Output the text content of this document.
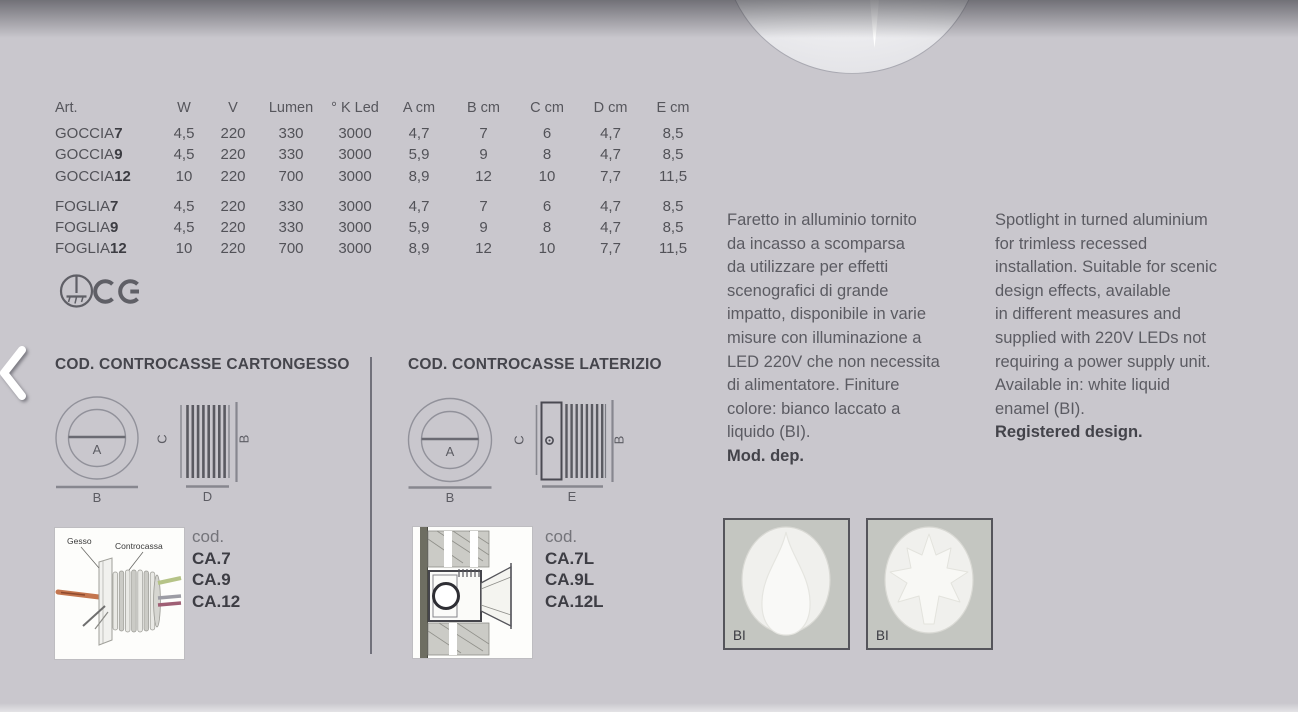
Art.	W	V	Lumen	° K Led	A cm	B cm	C cm	D cm	E cm
GOCCIA7	4,5	220	330	3000	4,7	7	6	4,7	8,5
GOCCIA9	4,5	220	330	3000	5,9	9	8	4,7	8,5
GOCCIA12	10	220	700	3000	8,9	12	10	7,7	11,5
FOGLIA7	4,5	220	330	3000	4,7	7	6	4,7	8,5
FOGLIA9	4,5	220	330	3000	5,9	9	8	4,7	8,5
FOGLIA12	10	220	700	3000	8,9	12	10	7,7	11,5
COD. CONTROCASSE CARTONGESSO	COD. CONTROCASSE LATERIZIO
A
B
C	B
D
A
B
C	B
E
Gesso	Controcassa cod.
CA.7
CA.9
CA.12
cod.
CA.7L
CA.9L
CA.12L
Faretto in alluminio tornito
da incasso a scomparsa
da utilizzare per effetti
scenografici di grande
impatto, disponibile in varie
misure con illuminazione a
LED 220V che non necessita
di alimentatore. Finiture
colore: bianco laccato a
liquido (BI).
Mod. dep.
Spotlight in turned aluminium
for trimless recessed
installation. Suitable for scenic
design effects, available
in different measures and
supplied with 220V LEDs not
requiring a power supply unit.
Available in: white liquid
enamel (BI).
Registered design.
BI	BI
